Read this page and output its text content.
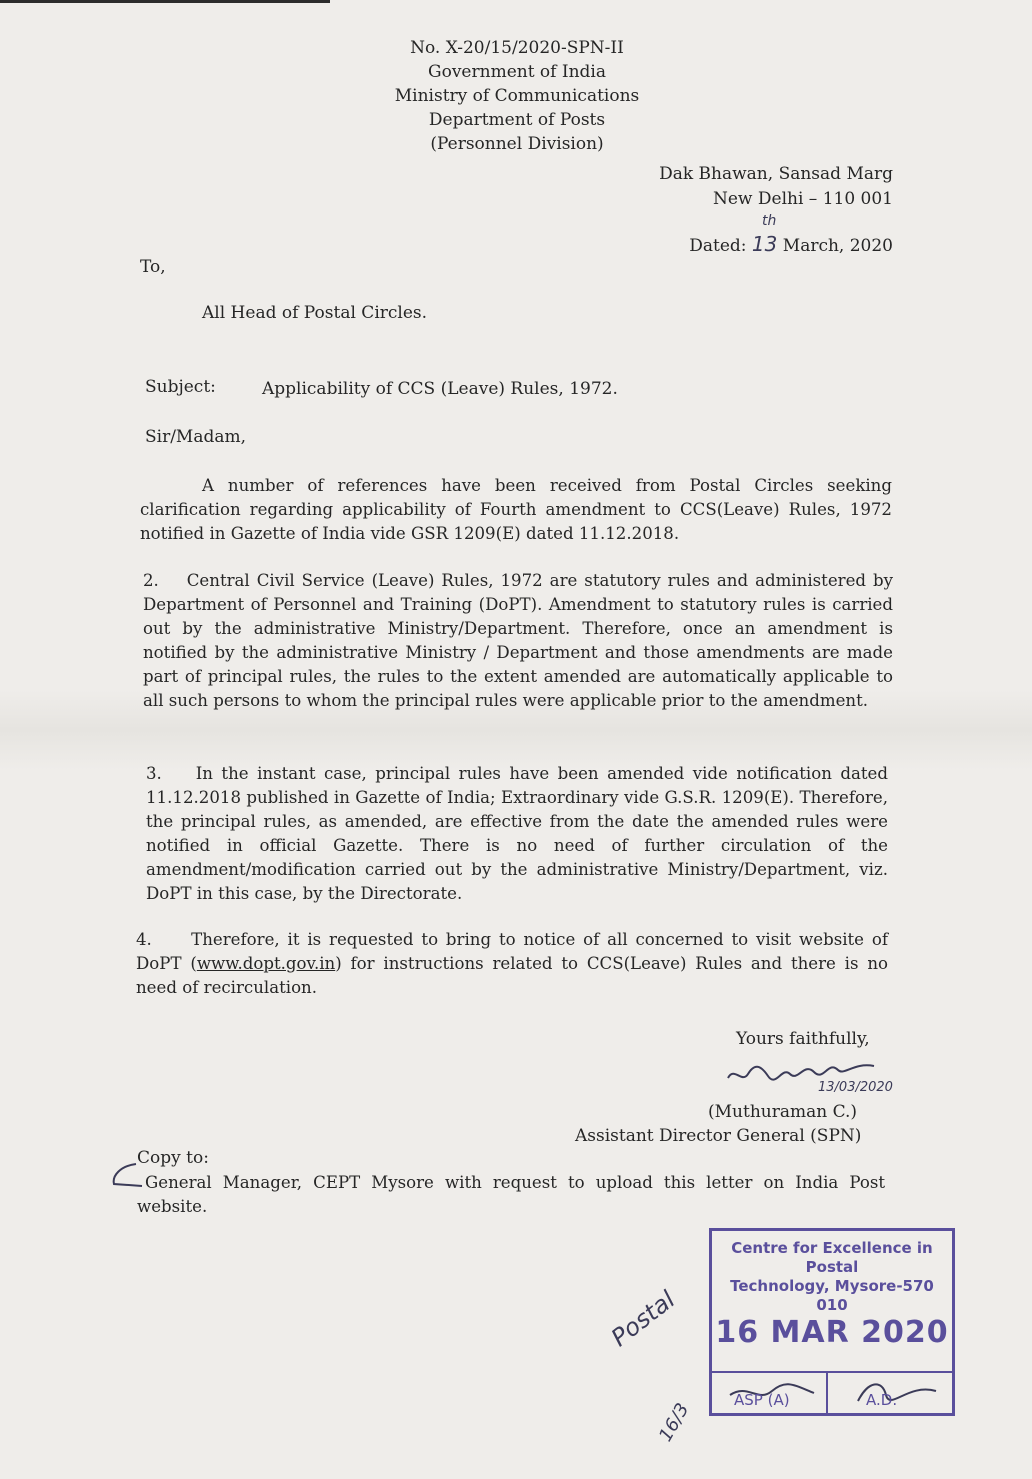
No. X-20/15/2020-SPN-II
Government of India
Ministry of Communications
Department of Posts
(Personnel Division)
Dak Bhawan, Sansad Marg
New Delhi – 110 001
th
Dated: 13 March, 2020
To,
All Head of Postal Circles.
Subject:	Applicability of CCS (Leave) Rules, 1972.
Sir/Madam,
A number of references have been received from Postal Circles seeking clarification regarding applicability of Fourth amendment to CCS(Leave) Rules, 1972 notified in Gazette of India vide GSR 1209(E) dated 11.12.2018.
2. Central Civil Service (Leave) Rules, 1972 are statutory rules and administered by Department of Personnel and Training (DoPT). Amendment to statutory rules is carried out by the administrative Ministry/Department. Therefore, once an amendment is notified by the administrative Ministry / Department and those amendments are made part of principal rules, the rules to the extent amended are automatically applicable to all such persons to whom the principal rules were applicable prior to the amendment.
3. In the instant case, principal rules have been amended vide notification dated 11.12.2018 published in Gazette of India; Extraordinary vide G.S.R. 1209(E). Therefore, the principal rules, as amended, are effective from the date the amended rules were notified in official Gazette. There is no need of further circulation of the amendment/modification carried out by the administrative Ministry/Department, viz. DoPT in this case, by the Directorate.
4. Therefore, it is requested to bring to notice of all concerned to visit website of DoPT (www.dopt.gov.in) for instructions related to CCS(Leave) Rules and there is no need of recirculation.
Yours faithfully,
13/03/2020
(Muthuraman C.)
Assistant Director General (SPN)
Copy to:
General Manager, CEPT Mysore with request to upload this letter on India Post website.
Centre for Excellence in Postal
Technology, Mysore-570 010
16 MAR 2020
ASP (A)	A.D.
Postal
16/3
